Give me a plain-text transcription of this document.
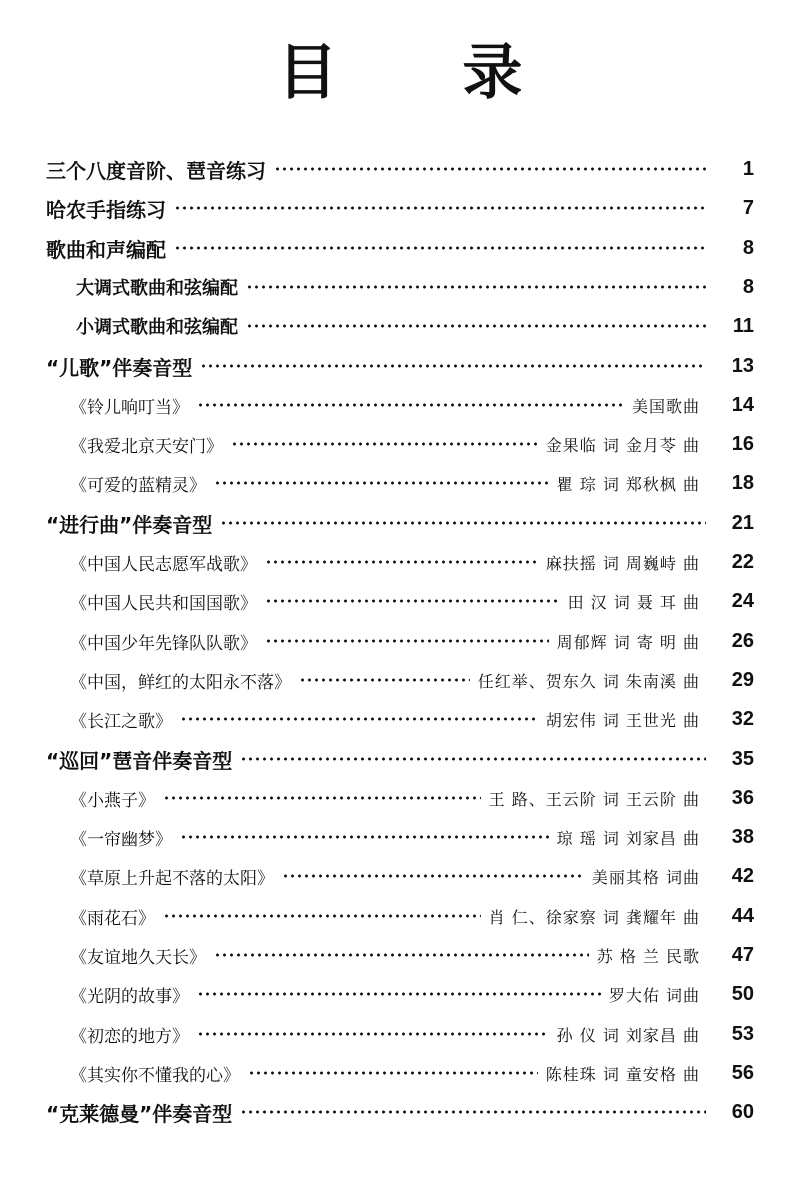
目 录
三个八度音阶、琶音练习	1
哈农手指练习	7
歌曲和声编配	8
大调式歌曲和弦编配	8
小调式歌曲和弦编配	11
“儿歌”伴奏音型	13
《铃儿响叮当》	美国歌曲	14
《我爱北京天安门》	金果临 词 金月苓 曲	16
《可爱的蓝精灵》	瞿 琮 词 郑秋枫 曲	18
“进行曲”伴奏音型	21
《中国人民志愿军战歌》	麻扶摇 词 周巍峙 曲	22
《中国人民共和国国歌》	田 汉 词 聂 耳 曲	24
《中国少年先锋队队歌》	周郁辉 词 寄 明 曲	26
《中国，鲜红的太阳永不落》	任红举、贺东久 词 朱南溪 曲	29
《长江之歌》	胡宏伟 词 王世光 曲	32
“巡回”琶音伴奏音型	35
《小燕子》	王 路、王云阶 词 王云阶 曲	36
《一帘幽梦》	琼 瑶 词 刘家昌 曲	38
《草原上升起不落的太阳》	美丽其格 词曲	42
《雨花石》	肖 仁、徐家察 词 龚耀年 曲	44
《友谊地久天长》	苏 格 兰 民歌	47
《光阴的故事》	罗大佑 词曲	50
《初恋的地方》	孙 仪 词 刘家昌 曲	53
《其实你不懂我的心》	陈桂珠 词 童安格 曲	56
“克莱德曼”伴奏音型	60
